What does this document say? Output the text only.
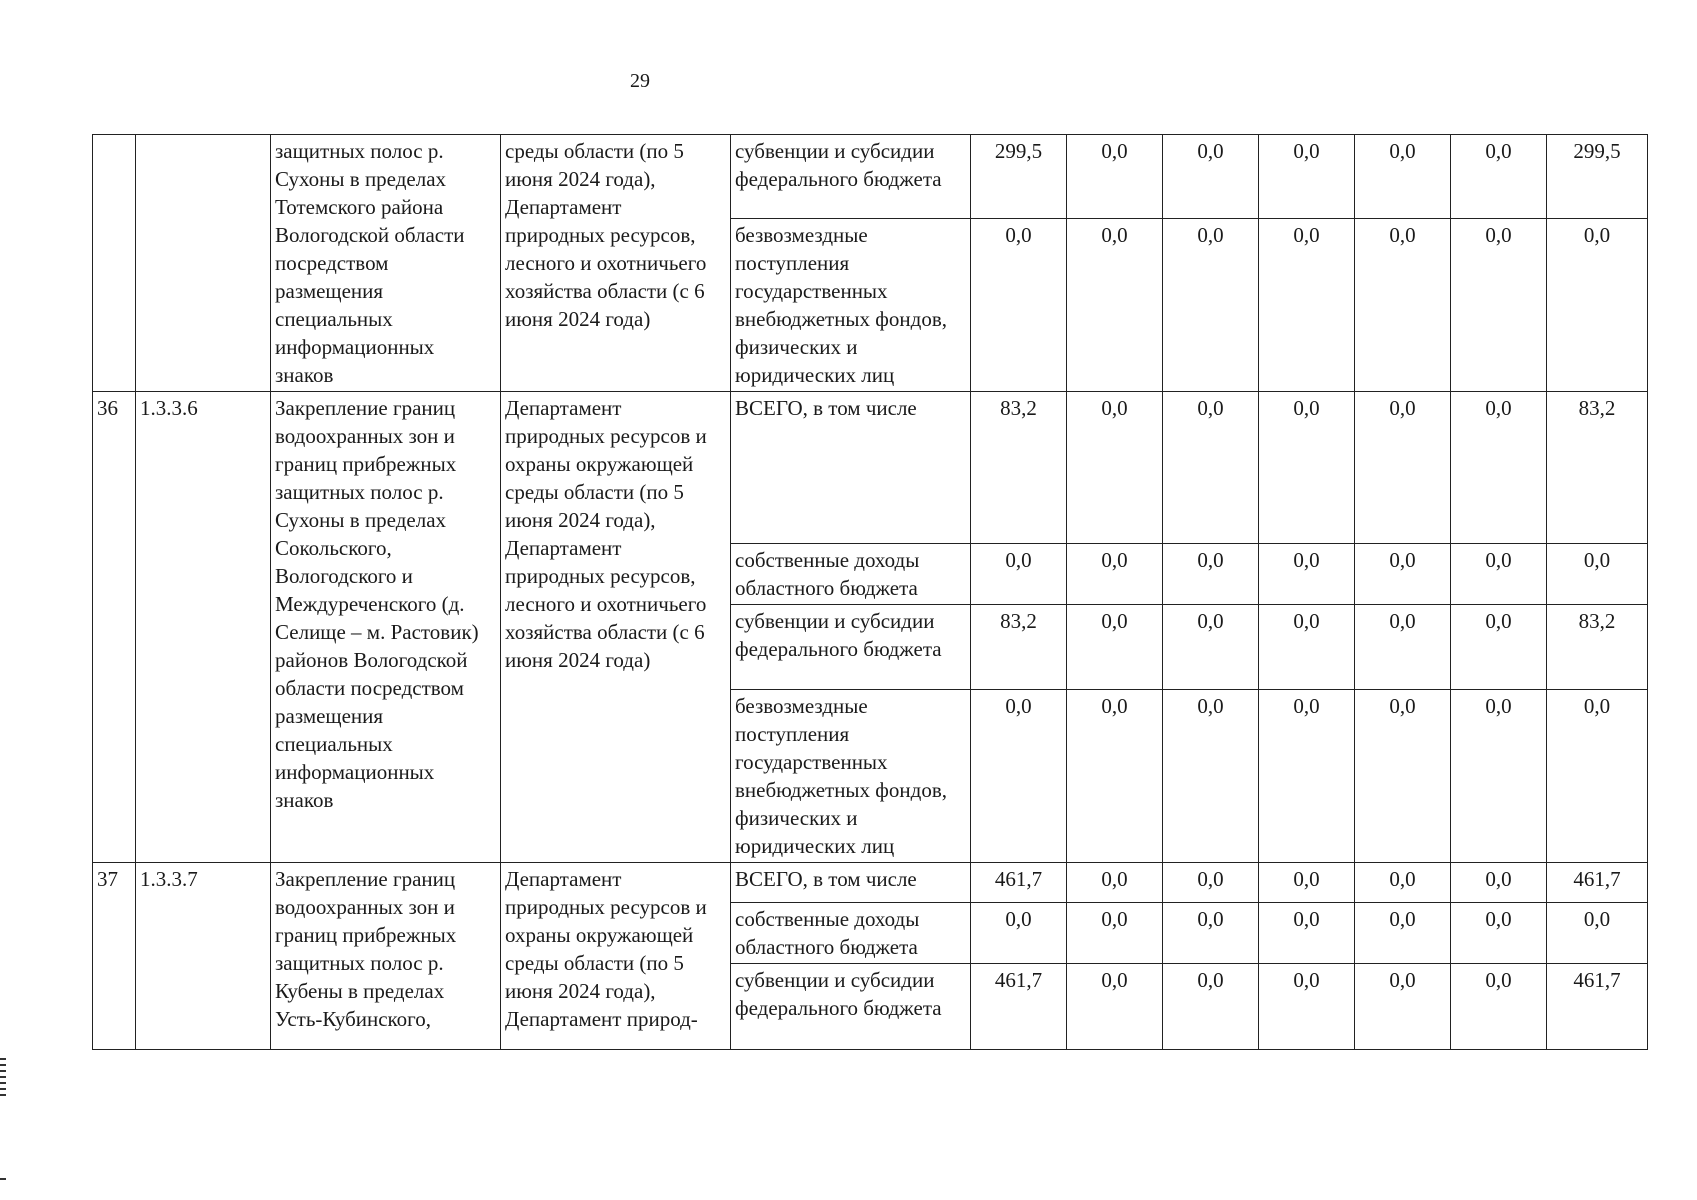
29
		защитных полос р. Сухоны в пределах Тотемского района Вологодской области посредством размещения специальных информационных знаков	среды области (по 5 июня 2024 года), Департамент природных ресурсов, лесного и охотничьего хозяйства области (с 6 июня 2024 года)	субвенции и субсидии федерального бюджета	299,5	0,0	0,0	0,0	0,0	0,0	299,5
				безвозмездные поступления государственных внебюджетных фондов, физических и юридических лиц	0,0	0,0	0,0	0,0	0,0	0,0	0,0
36	1.3.3.6	Закрепление границ водоохранных зон и границ прибрежных защитных полос р. Сухоны в пределах Сокольского, Вологодского и Междуреченского (д. Селище – м. Растовик) районов Вологодской области посредством размещения специальных информационных знаков	Департамент природных ресурсов и охраны окружающей среды области (по 5 июня 2024 года), Департамент природных ресурсов, лесного и охотничьего хозяйства области (с 6 июня 2024 года)	ВСЕГО, в том числе	83,2	0,0	0,0	0,0	0,0	0,0	83,2
				собственные доходы областного бюджета	0,0	0,0	0,0	0,0	0,0	0,0	0,0
				субвенции и субсидии федерального бюджета	83,2	0,0	0,0	0,0	0,0	0,0	83,2
				безвозмездные поступления государственных внебюджетных фондов, физических и юридических лиц	0,0	0,0	0,0	0,0	0,0	0,0	0,0
37	1.3.3.7	Закрепление границ водоохранных зон и границ прибрежных защитных полос р. Кубены в пределах Усть-Кубинского,	Департамент природных ресурсов и охраны окружающей среды области (по 5 июня 2024 года), Департамент природ-	ВСЕГО, в том числе	461,7	0,0	0,0	0,0	0,0	0,0	461,7
				собственные доходы областного бюджета	0,0	0,0	0,0	0,0	0,0	0,0	0,0
				субвенции и субсидии федерального бюджета	461,7	0,0	0,0	0,0	0,0	0,0	461,7
